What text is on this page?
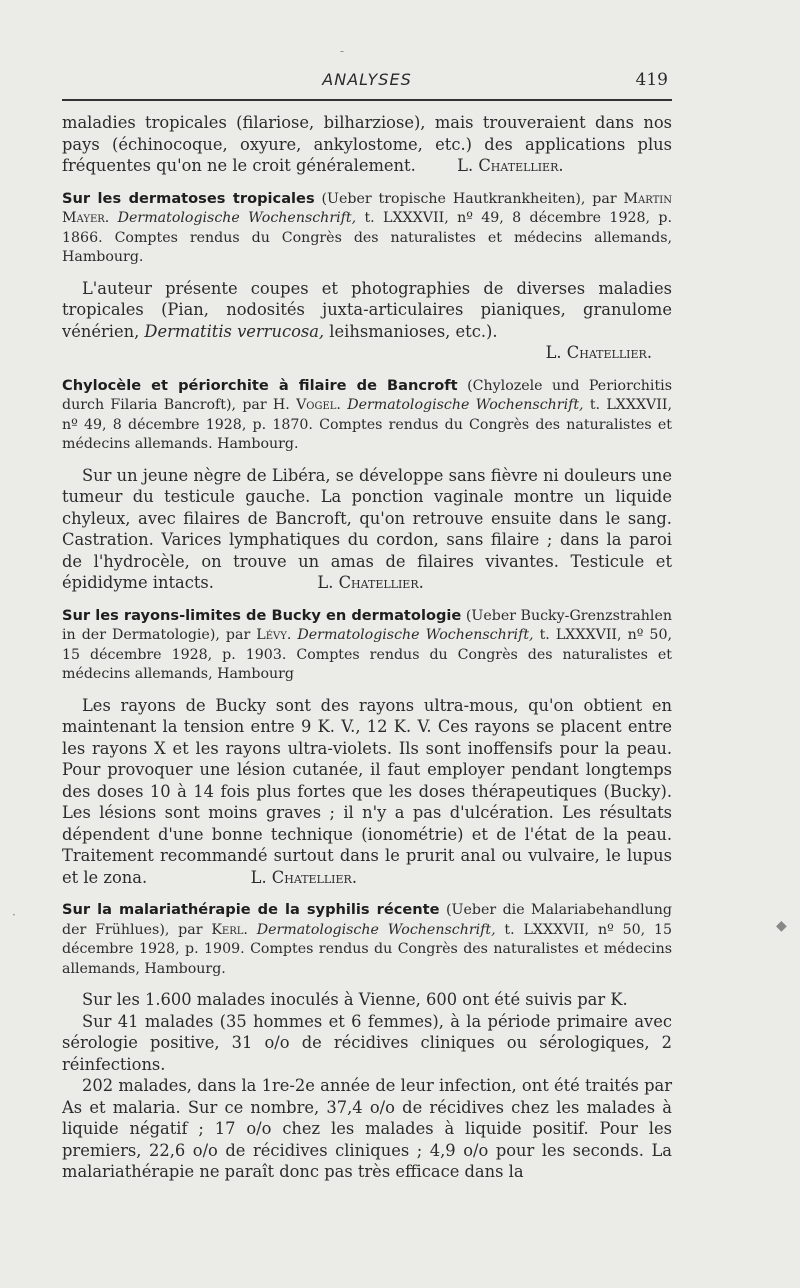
ANALYSES	419

maladies tropicales (filariose, bilharziose), mais trouveraient dans nos pays (échinocoque, oxyure, ankylostome, etc.) des applications plus fréquentes qu'on ne le croit généralement.	L. Chatellier.

Sur les dermatoses tropicales (Ueber tropische Hautkrankheiten), par Martin Mayer. Dermatologische Wochenschrift, t. LXXXVII, nº 49, 8 décembre 1928, p. 1866. Comptes rendus du Congrès des naturalistes et médecins allemands, Hambourg.

L'auteur présente coupes et photographies de diverses maladies tropicales (Pian, nodosités juxta-articulaires pianiques, granulome vénérien, Dermatitis verrucosa, leihsmanioses, etc.).

L. Chatellier.

Chylocèle et périorchite à filaire de Bancroft (Chylozele und Periorchitis durch Filaria Bancroft), par H. Vogel. Dermatologische Wochenschrift, t. LXXXVII, nº 49, 8 décembre 1928, p. 1870. Comptes rendus du Congrès des naturalistes et médecins allemands. Hambourg.

Sur un jeune nègre de Libéra, se développe sans fièvre ni douleurs une tumeur du testicule gauche. La ponction vaginale montre un liquide chyleux, avec filaires de Bancroft, qu'on retrouve ensuite dans le sang. Castration. Varices lymphatiques du cordon, sans filaire ; dans la paroi de l'hydrocèle, on trouve un amas de filaires vivantes. Testicule et épididyme intacts.	L. Chatellier.

Sur les rayons-limites de Bucky en dermatologie (Ueber Bucky-Grenzstrahlen in der Dermatologie), par Lévy. Dermatologische Wochenschrift, t. LXXXVII, nº 50, 15 décembre 1928, p. 1903. Comptes rendus du Congrès des naturalistes et médecins allemands, Hambourg

Les rayons de Bucky sont des rayons ultra-mous, qu'on obtient en maintenant la tension entre 9 K. V., 12 K. V. Ces rayons se placent entre les rayons X et les rayons ultra-violets. Ils sont inoffensifs pour la peau. Pour provoquer une lésion cutanée, il faut employer pendant longtemps des doses 10 à 14 fois plus fortes que les doses thérapeutiques (Bucky). Les lésions sont moins graves ; il n'y a pas d'ulcération. Les résultats dépendent d'une bonne technique (ionométrie) et de l'état de la peau. Traitement recommandé surtout dans le prurit anal ou vulvaire, le lupus et le zona.	L. Chatellier.

Sur la malariathérapie de la syphilis récente (Ueber die Malariabehandlung der Frühlues), par Kerl. Dermatologische Wochenschrift, t. LXXXVII, nº 50, 15 décembre 1928, p. 1909. Comptes rendus du Congrès des naturalistes et médecins allemands, Hambourg.

Sur les 1.600 malades inoculés à Vienne, 600 ont été suivis par K.

Sur 41 malades (35 hommes et 6 femmes), à la période primaire avec sérologie positive, 31 o/o de récidives cliniques ou sérologiques, 2 réinfections.

202 malades, dans la 1re-2e année de leur infection, ont été traités par As et malaria. Sur ce nombre, 37,4 o/o de récidives chez les malades à liquide négatif ; 17 o/o chez les malades à liquide positif. Pour les premiers, 22,6 o/o de récidives cliniques ; 4,9 o/o pour les seconds. La malariathérapie ne paraît donc pas très efficace dans la

-
◆
·
